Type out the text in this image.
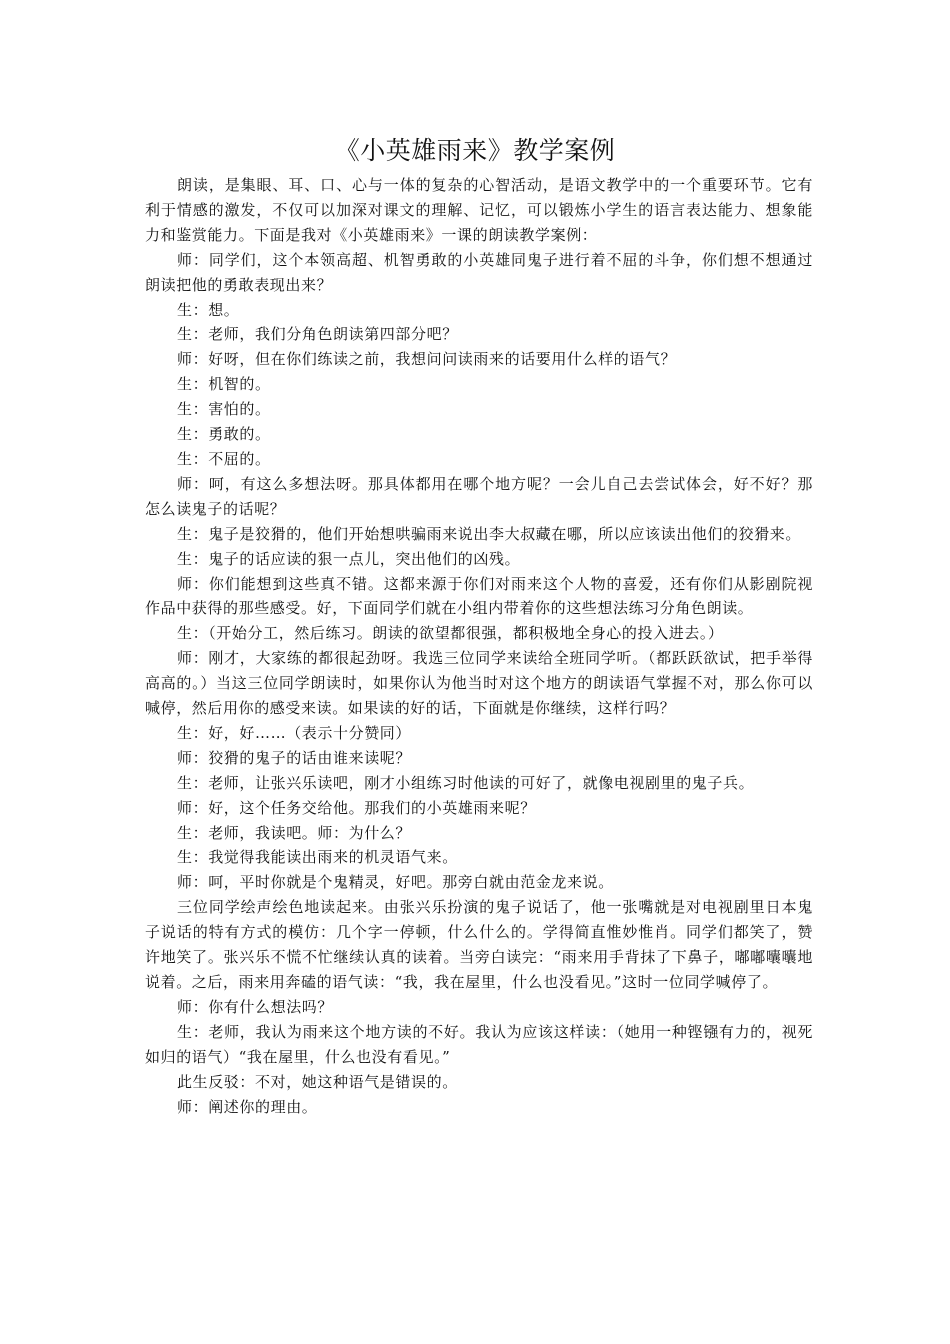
《小英雄雨来》教学案例

朗读，是集眼、耳、口、心与一体的复杂的心智活动，是语文教学中的一个重要环节。它有利于情感的激发，不仅可以加深对课文的理解、记忆，可以锻炼小学生的语言表达能力、想象能力和鉴赏能力。下面是我对《小英雄雨来》一课的朗读教学案例：

师：同学们，这个本领高超、机智勇敢的小英雄同鬼子进行着不屈的斗争，你们想不想通过朗读把他的勇敢表现出来？

生：想。

生：老师，我们分角色朗读第四部分吧？

师：好呀，但在你们练读之前，我想问问读雨来的话要用什么样的语气？

生：机智的。

生：害怕的。

生：勇敢的。

生：不屈的。

师：呵，有这么多想法呀。那具体都用在哪个地方呢？一会儿自己去尝试体会，好不好？那怎么读鬼子的话呢？

生：鬼子是狡猾的，他们开始想哄骗雨来说出李大叔藏在哪，所以应该读出他们的狡猾来。

生：鬼子的话应读的狠一点儿，突出他们的凶残。

师：你们能想到这些真不错。这都来源于你们对雨来这个人物的喜爱，还有你们从影剧院视作品中获得的那些感受。好，下面同学们就在小组内带着你的这些想法练习分角色朗读。

生：（开始分工，然后练习。朗读的欲望都很强，都积极地全身心的投入进去。）

师：刚才，大家练的都很起劲呀。我选三位同学来读给全班同学听。（都跃跃欲试，把手举得高高的。）当这三位同学朗读时，如果你认为他当时对这个地方的朗读语气掌握不对，那么你可以喊停，然后用你的感受来读。如果读的好的话，下面就是你继续，这样行吗？

生：好，好……（表示十分赞同）

师：狡猾的鬼子的话由谁来读呢？

生：老师，让张兴乐读吧，刚才小组练习时他读的可好了，就像电视剧里的鬼子兵。

师：好，这个任务交给他。那我们的小英雄雨来呢？

生：老师，我读吧。师：为什么？

生：我觉得我能读出雨来的机灵语气来。

师：呵，平时你就是个鬼精灵，好吧。那旁白就由范金龙来说。

三位同学绘声绘色地读起来。由张兴乐扮演的鬼子说话了，他一张嘴就是对电视剧里日本鬼子说话的特有方式的模仿：几个字一停顿，什么什么的。学得简直惟妙惟肖。同学们都笑了，赞许地笑了。张兴乐不慌不忙继续认真的读着。当旁白读完：“雨来用手背抹了下鼻子，嘟嘟囔囔地说着。之后，雨来用奔磕的语气读：“我，我在屋里，什么也没看见。”这时一位同学喊停了。

师：你有什么想法吗？

生：老师，我认为雨来这个地方读的不好。我认为应该这样读：（她用一种铿镪有力的，视死如归的语气）“我在屋里，什么也没有看见。”

此生反驳：不对，她这种语气是错误的。

师：阐述你的理由。
